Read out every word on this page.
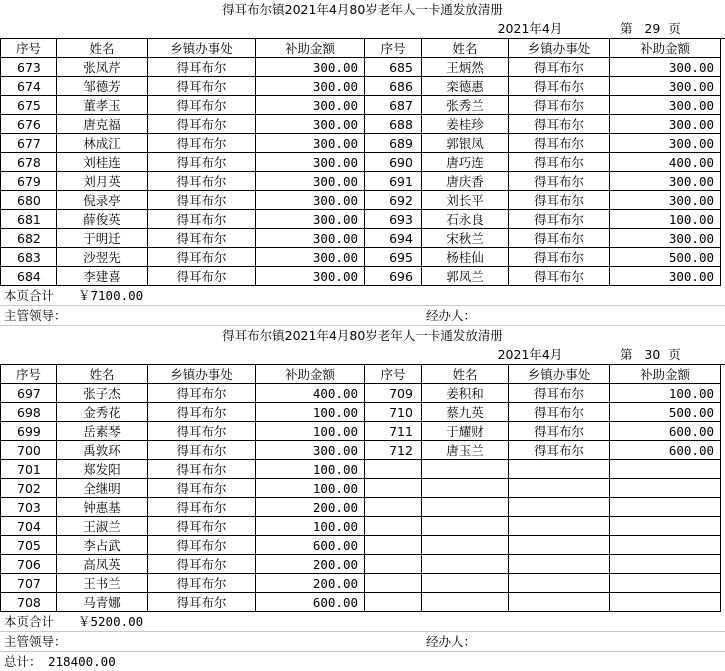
得耳布尔镇2021年4月80岁老年人一卡通发放清册
2021年4月	第   29  页
序号	姓名	乡镇办事处	补助金额	序号	姓名	乡镇办事处	补助金额
673	张凤芹	得耳布尔	300.00	685	王炳然	得耳布尔	300.00
674	邹德芳	得耳布尔	300.00	686	栾德惠	得耳布尔	300.00
675	董孝玉	得耳布尔	300.00	687	张秀兰	得耳布尔	300.00
676	唐克福	得耳布尔	300.00	688	姜桂珍	得耳布尔	300.00
677	林成江	得耳布尔	300.00	689	郭银凤	得耳布尔	300.00
678	刘桂连	得耳布尔	300.00	690	唐巧连	得耳布尔	400.00
679	刘月英	得耳布尔	300.00	691	唐庆香	得耳布尔	300.00
680	倪录亭	得耳布尔	300.00	692	刘长平	得耳布尔	300.00
681	薛俊英	得耳布尔	300.00	693	石永良	得耳布尔	100.00
682	于明迁	得耳布尔	300.00	694	宋秋兰	得耳布尔	300.00
683	沙翌先	得耳布尔	300.00	695	杨桂仙	得耳布尔	500.00
684	李建喜	得耳布尔	300.00	696	郭凤兰	得耳布尔	300.00
本页合计	￥7100.00
主管领导：	经办人：
得耳布尔镇2021年4月80岁老年人一卡通发放清册
2021年4月	第   30  页
序号	姓名	乡镇办事处	补助金额	序号	姓名	乡镇办事处	补助金额
697	张子杰	得耳布尔	400.00	709	姜积和	得耳布尔	100.00
698	金秀花	得耳布尔	100.00	710	蔡九英	得耳布尔	500.00
699	岳素琴	得耳布尔	100.00	711	于耀财	得耳布尔	600.00
700	禹敦环	得耳布尔	300.00	712	唐玉兰	得耳布尔	600.00
701	郑发阳	得耳布尔	100.00
702	全继明	得耳布尔	100.00
703	钟惠基	得耳布尔	200.00
704	王淑兰	得耳布尔	100.00
705	李占武	得耳布尔	600.00
706	高凤英	得耳布尔	200.00
707	王书兰	得耳布尔	200.00
708	马青娜	得耳布尔	600.00
本页合计	￥5200.00
主管领导：	经办人：
总计： 218400.00
